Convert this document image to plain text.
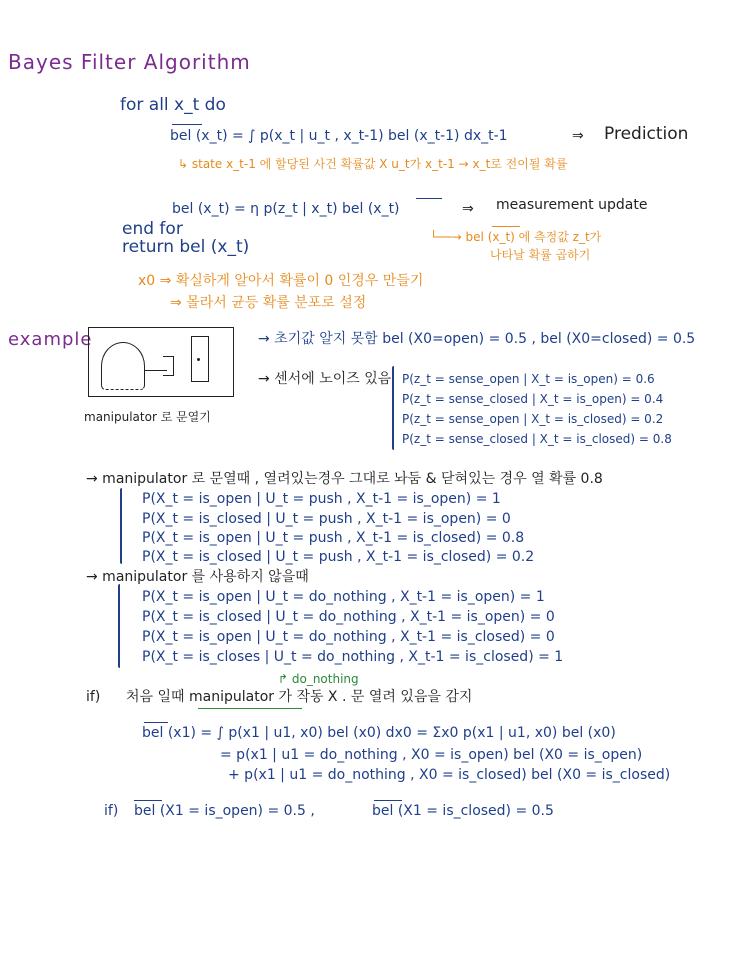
Bayes Filter Algorithm
for all x_t do
bel (x_t) = ∫ p(x_t | u_t , x_t-1) bel (x_t-1) dx_t-1	⇒ Prediction
↳ state x_t-1 에 할당된 사건 확률값 X u_t가 x_t-1 → x_t로 전이될 확률
bel (x_t) = η p(z_t | x_t) bel (x_t)	⇒ measurement update
└──→ bel (x_t) 에 측정값 z_t가
나타날 확률 곱하기
end for
return bel (x_t)
x0 ⇒ 확실하게 알아서 확률이 0 인경우 만들기
⇒ 몰라서 균등 확률 분포로 설정
example
manipulator 로 문열기
→ 초기값 알지 못함 bel (X0=open) = 0.5 , bel (X0=closed) = 0.5
→ 센서에 노이즈 있음 P(z_t = sense_open | X_t = is_open) = 0.6
P(z_t = sense_closed | X_t = is_open) = 0.4
P(z_t = sense_open | X_t = is_closed) = 0.2
P(z_t = sense_closed | X_t = is_closed) = 0.8
→ manipulator 로 문열때 , 열려있는경우 그대로 놔둠 & 닫혀있는 경우 열 확률 0.8
P(X_t = is_open | U_t = push , X_t-1 = is_open) = 1
P(X_t = is_closed | U_t = push , X_t-1 = is_open) = 0
P(X_t = is_open | U_t = push , X_t-1 = is_closed) = 0.8
P(X_t = is_closed | U_t = push , X_t-1 = is_closed) = 0.2
→ manipulator 를 사용하지 않을때
P(X_t = is_open | U_t = do_nothing , X_t-1 = is_open) = 1
P(X_t = is_closed | U_t = do_nothing , X_t-1 = is_open) = 0
P(X_t = is_open | U_t = do_nothing , X_t-1 = is_closed) = 0
P(X_t = is_closes | U_t = do_nothing , X_t-1 = is_closed) = 1
↱ do_nothing
if) 처음 일때 manipulator 가 작동 X . 문 열려 있음을 감지
bel (x1) = ∫ p(x1 | u1, x0) bel (x0) dx0 = Σx0 p(x1 | u1, x0) bel (x0)
= p(x1 | u1 = do_nothing , X0 = is_open) bel (X0 = is_open)
+ p(x1 | u1 = do_nothing , X0 = is_closed) bel (X0 = is_closed)
if) bel (X1 = is_open) = 0.5 ,	bel (X1 = is_closed) = 0.5
